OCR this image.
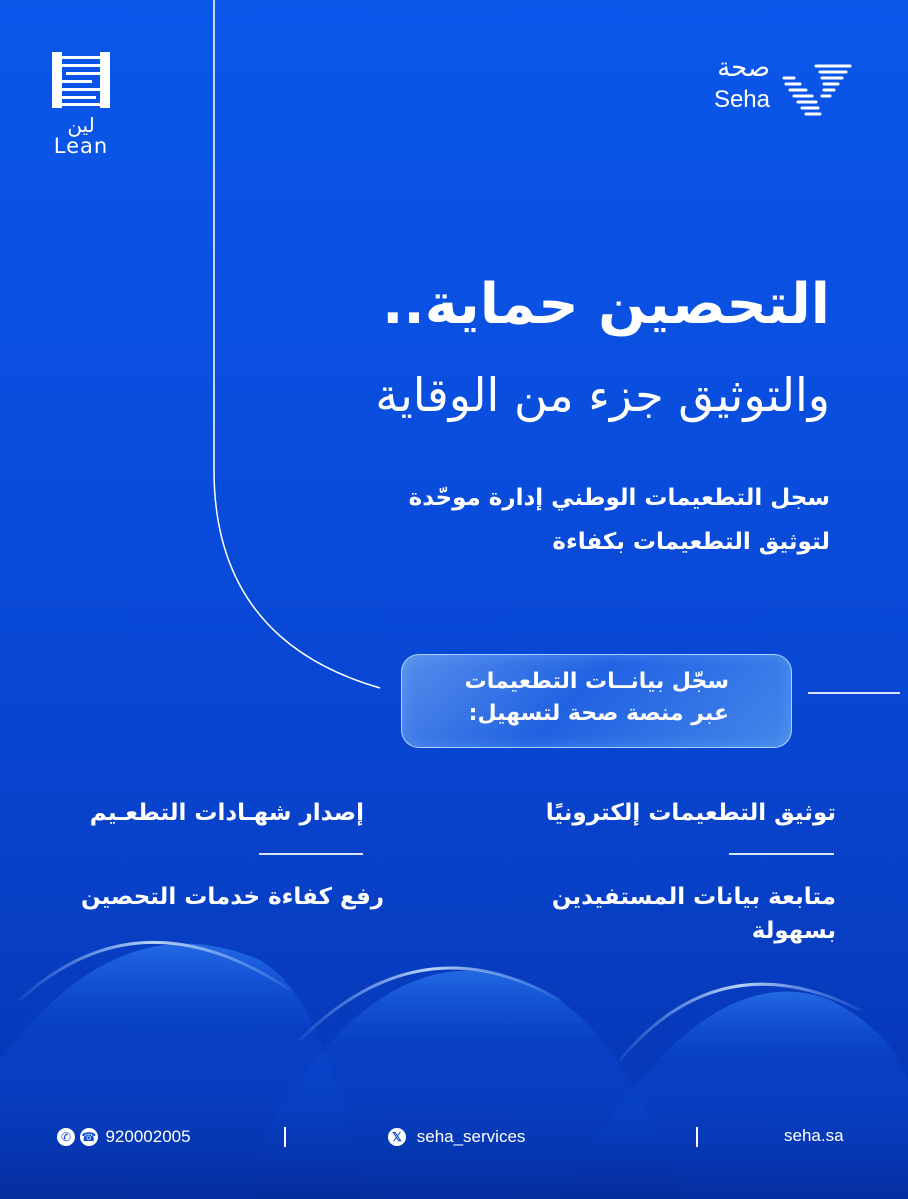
لين
Lean
صحة
Seha
التحصين حماية..
والتوثيق جزء من الوقاية
سجل التطعيمات الوطني إدارة موحّدة
لتوثيق التطعيمات بكفاءة
سجّل بيانــات التطعيمات
عبر منصة صحة لتسهيل:
توثيق التطعيمات إلكترونيًا
إصدار شهـادات التطعـيم
متابعة بيانات المستفيدين بسهولة
رفع كفاءة خدمات التحصين
✆ ☎ 920002005	𝕏 seha_services	seha.sa
